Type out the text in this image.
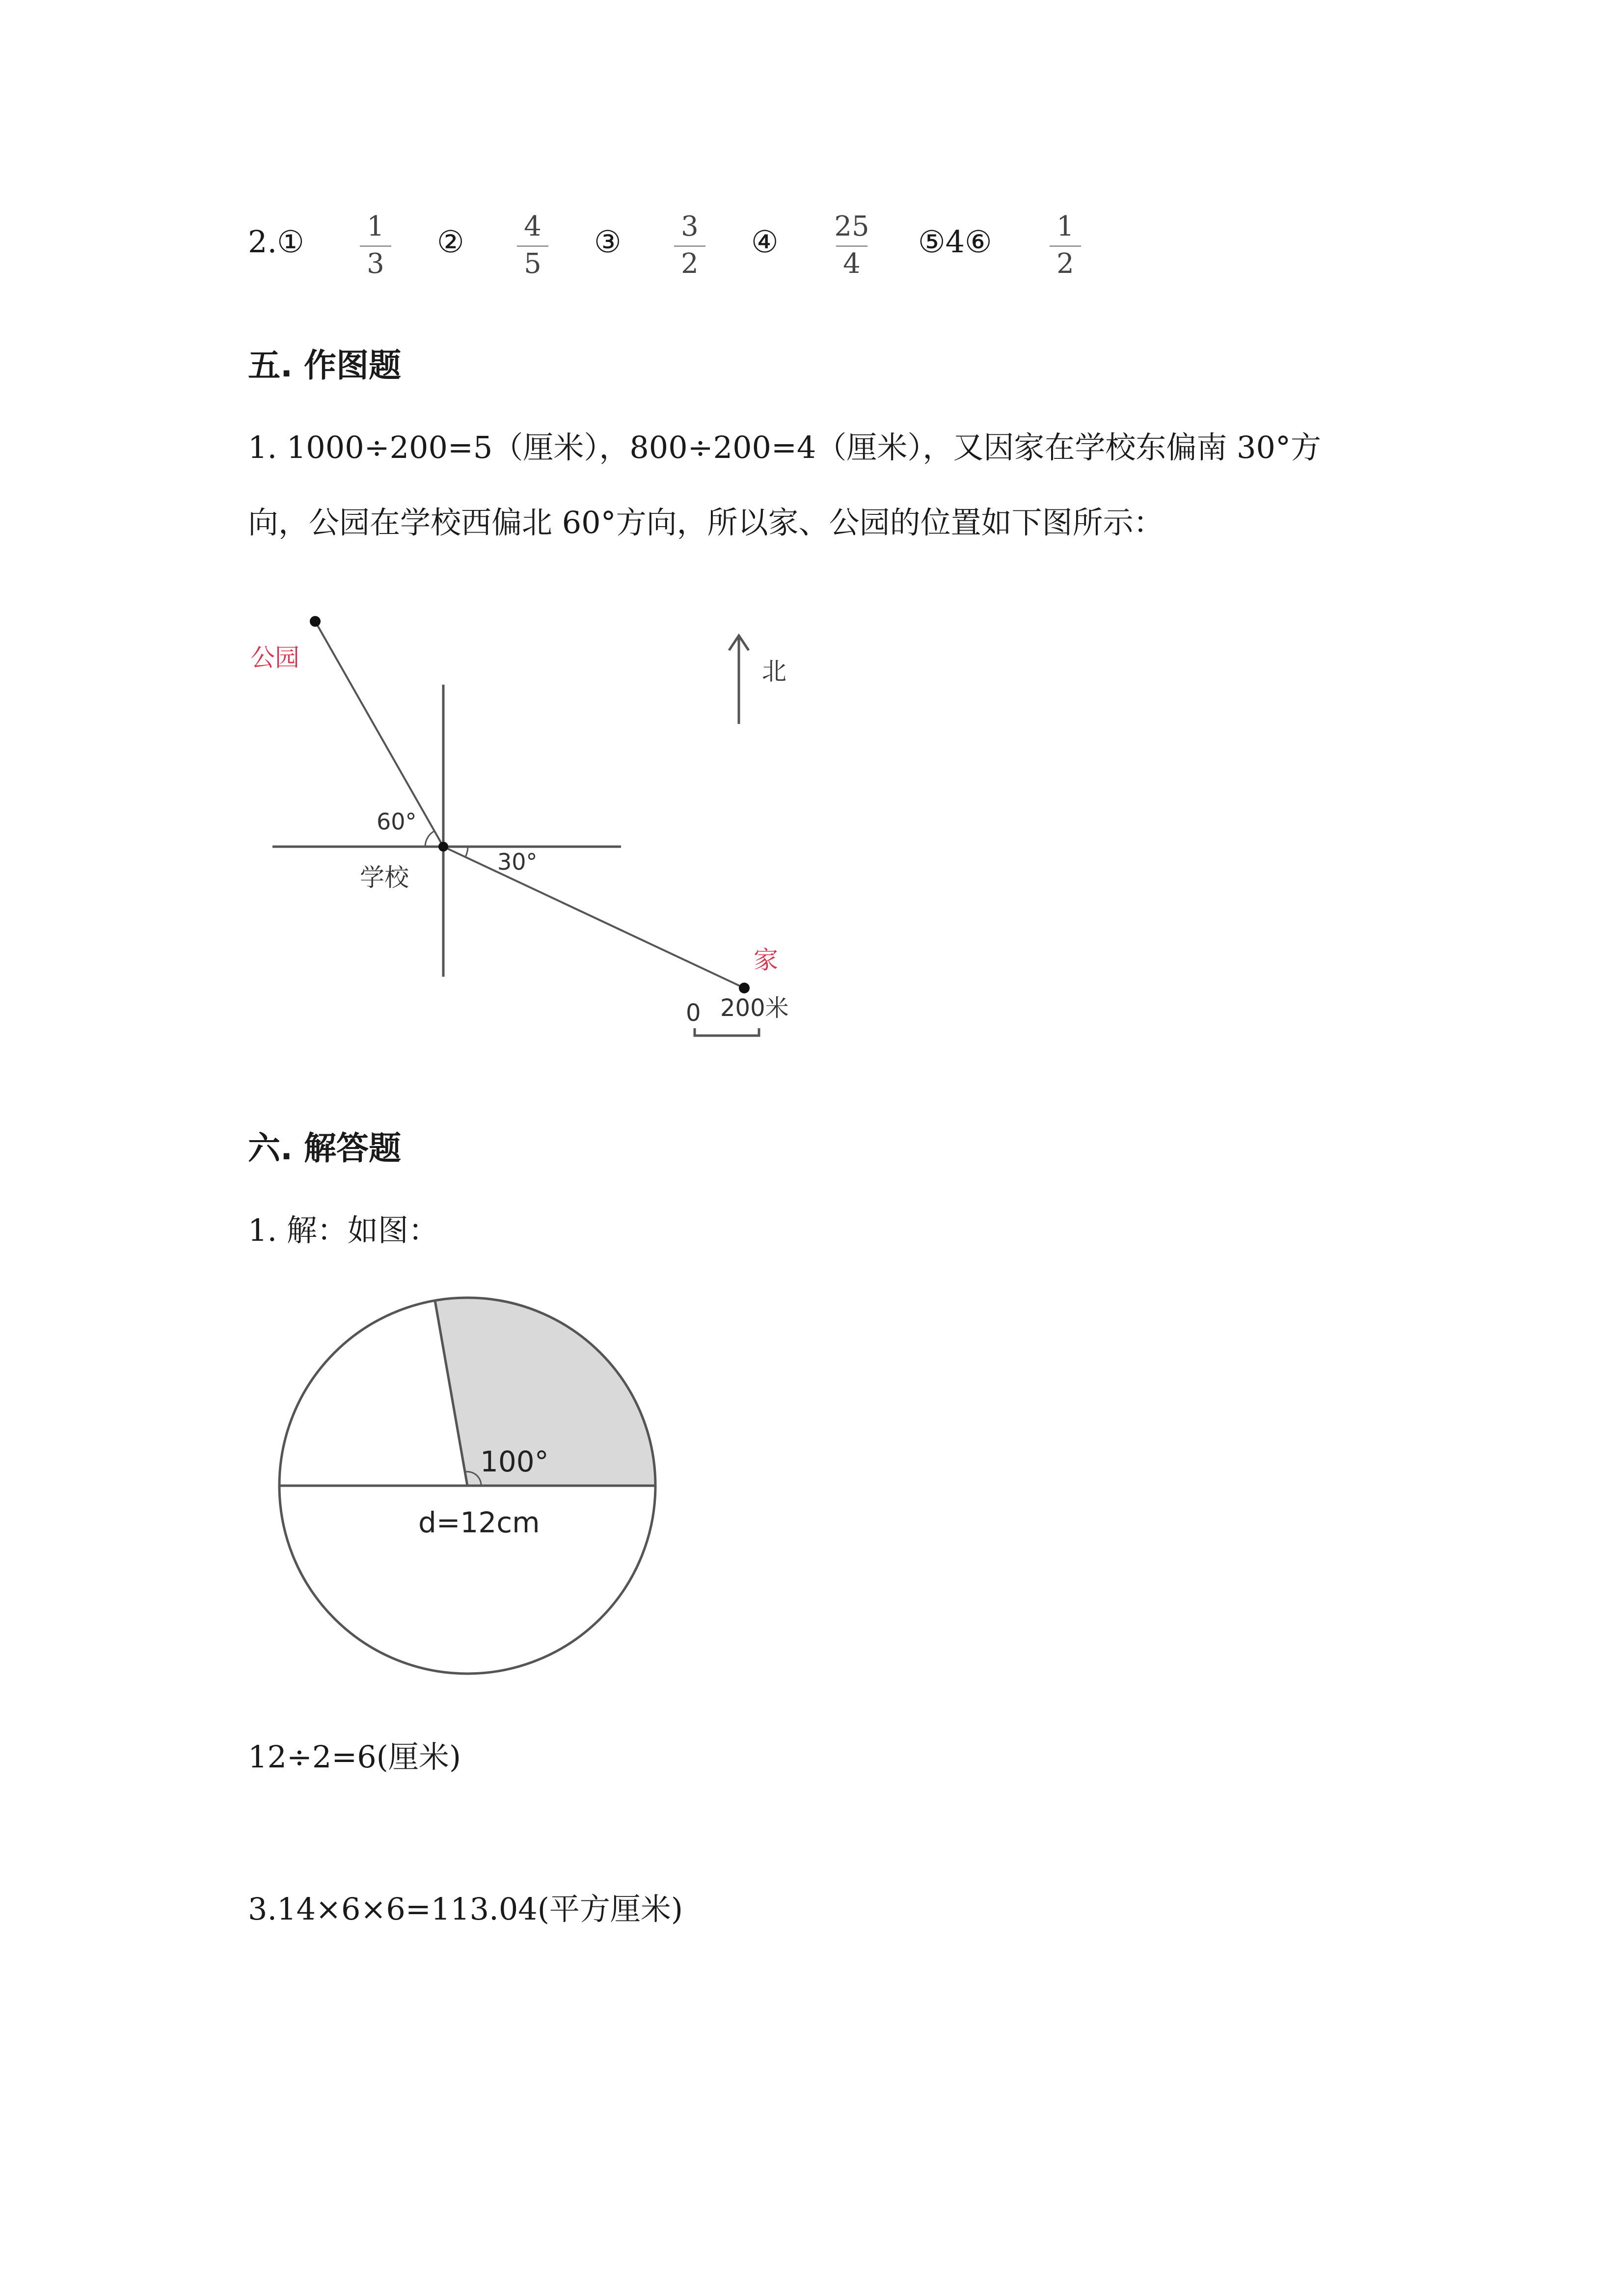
2.①	1
3
②	4
5
③	3
2
④	25
4
⑤4⑥	1
2
五. 作图题
1. 1000÷200=5（厘米），800÷200=4（厘米），又因家在学校东偏南 30°方
向，公园在学校西偏北 60°方向，所以家、公园的位置如下图所示：
公园	北
60°
30°
学校
家
0 200米
六. 解答题
1. 解：如图：
100°
d=12cm
12÷2=6(厘米)
3.14×6×6=113.04(平方厘米)
